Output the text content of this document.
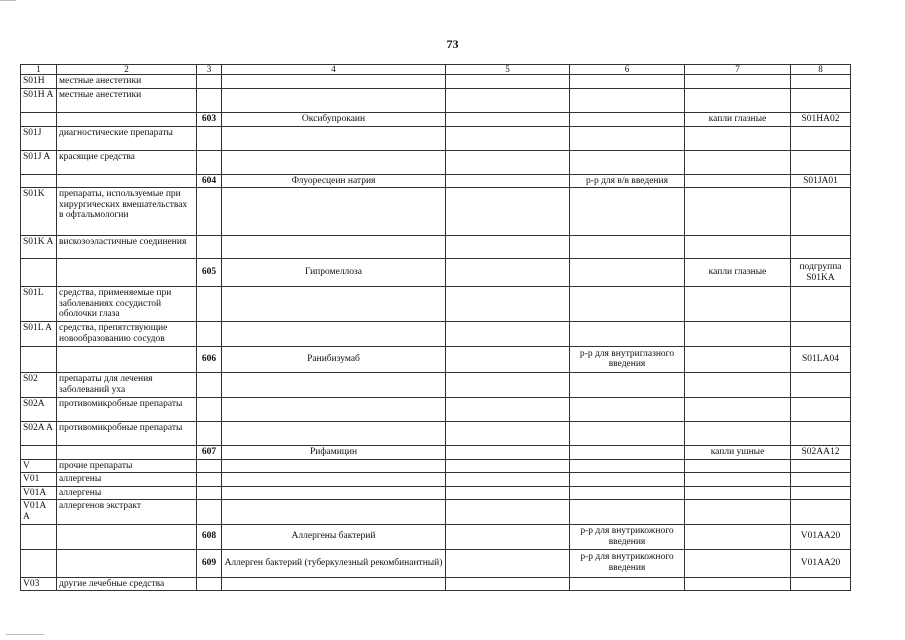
73
1	2	3	4	5	6	7	8
S01H	местные анестетики						
S01H A	местные анестетики						
		603	Оксибупрокаин			капли глазные	S01HA02
S01J	диагностические препараты						
S01J A	красящие средства						
		604	Флуоресцеин натрия		р-р для в/в введения		S01JA01
S01K	препараты, используемые при хирургических вмешательствах в офтальмологии						
S01K A	вискозоэластичные соединения						
		605	Гипромеллоза			капли глазные	подгруппа S01KA
S01L	средства, применяемые при заболеваниях сосудистой оболочки глаза						
S01L A	средства, препятствующие новообразованию сосудов						
		606	Ранибизумаб		р-р для внутриглазного введения		S01LA04
S02	препараты для лечения заболеваний уха						
S02A	противомикробные препараты						
S02A A	противомикробные препараты						
		607	Рифамицин			капли ушные	S02AA12
V	прочие препараты						
V01	аллергены						
V01A	аллергены						
V01A A	аллергенов экстракт						
		608	Аллергены бактерий		р-р для внутрикожного введения		V01AA20
		609	Аллерген бактерий (туберкулезный рекомбинантный)		р-р для внутрикожного введения		V01AA20
V03	другие лечебные средства						
